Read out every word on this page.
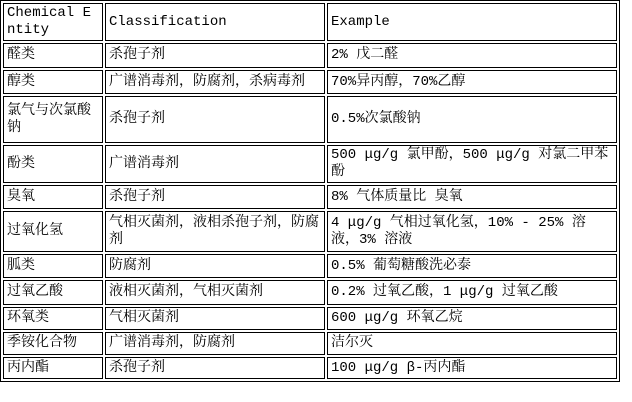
Chemical Entity	Classification	Example
醛类	杀孢子剂	2% 戊二醛
醇类	广谱消毒剂，防腐剂，杀病毒剂	70%异丙醇，70%乙醇
氯气与次氯酸钠	杀孢子剂	0.5%次氯酸钠
酚类	广谱消毒剂	500 μg/g 氯甲酚，500 μg/g 对氯二甲苯酚
臭氧	杀孢子剂	8% 气体质量比 臭氧
过氧化氢	气相灭菌剂，液相杀孢子剂，防腐剂	4 μg/g 气相过氧化氢，10% - 25% 溶液，3% 溶液
胍类	防腐剂	0.5% 葡萄糖酸洗必泰
过氧乙酸	液相灭菌剂，气相灭菌剂	0.2% 过氧乙酸，1 μg/g 过氧乙酸
环氧类	气相灭菌剂	600 μg/g 环氧乙烷
季铵化合物	广谱消毒剂，防腐剂	洁尔灭
丙内酯	杀孢子剂	100 μg/g β-丙内酯
